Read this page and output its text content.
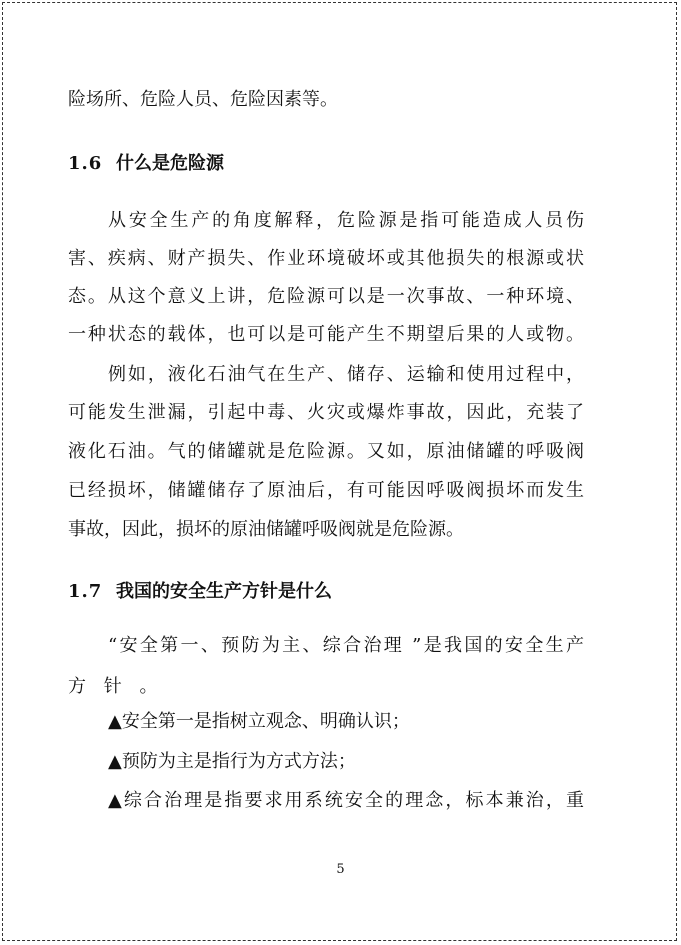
险场所、危险人员、危险因素等。
1.6 什么是危险源
从安全生产的角度解释，危险源是指可能造成人员伤
害、疾病、财产损失、作业环境破坏或其他损失的根源或状
态。从这个意义上讲，危险源可以是一次事故、一种环境、
一种状态的载体，也可以是可能产生不期望后果的人或物。
例如，液化石油气在生产、储存、运输和使用过程中，
可能发生泄漏，引起中毒、火灾或爆炸事故，因此，充装了
液化石油。气的储罐就是危险源。又如，原油储罐的呼吸阀
已经损坏，储罐储存了原油后，有可能因呼吸阀损坏而发生
事故，因此，损坏的原油储罐呼吸阀就是危险源。
1.7 我国的安全生产方针是什么
“安全第一、预防为主、综合治理 ”是我国的安全生产
方 针 。
▲安全第一是指树立观念、明确认识；
▲预防为主是指行为方式方法；
▲综合治理是指要求用系统安全的理念，标本兼治，重
5
